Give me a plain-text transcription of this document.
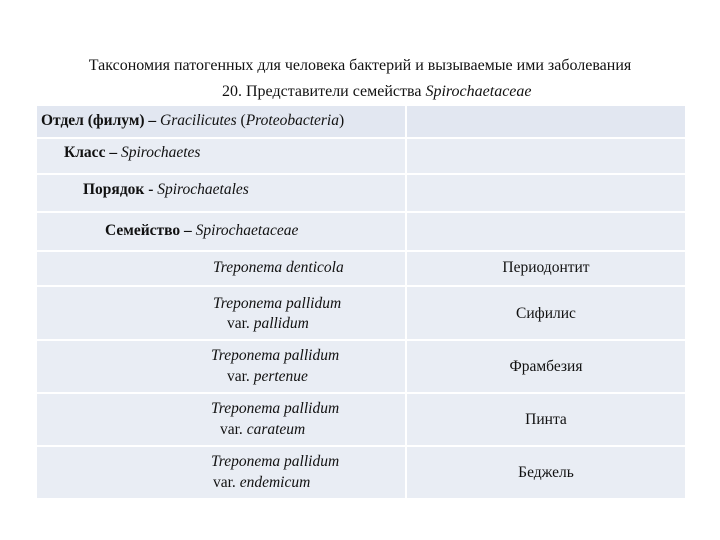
Таксономия патогенных для человека бактерий и вызываемые ими заболевания
20. Представители семейства Spirochaetaceae
Отдел (филум) – Gracilicutes (Proteobacteria)
Класс – Spirochaetes
Порядок - Spirochaetales
Семейство – Spirochaetaceae
Treponema denticola	Периодонтит
Treponema pallidum
var. pallidum
Сифилис
Treponema pallidum
var. pertenue
Фрамбезия
Treponema pallidum
var. carateum
Пинта
Treponema pallidum
var. endemicum
Беджель
